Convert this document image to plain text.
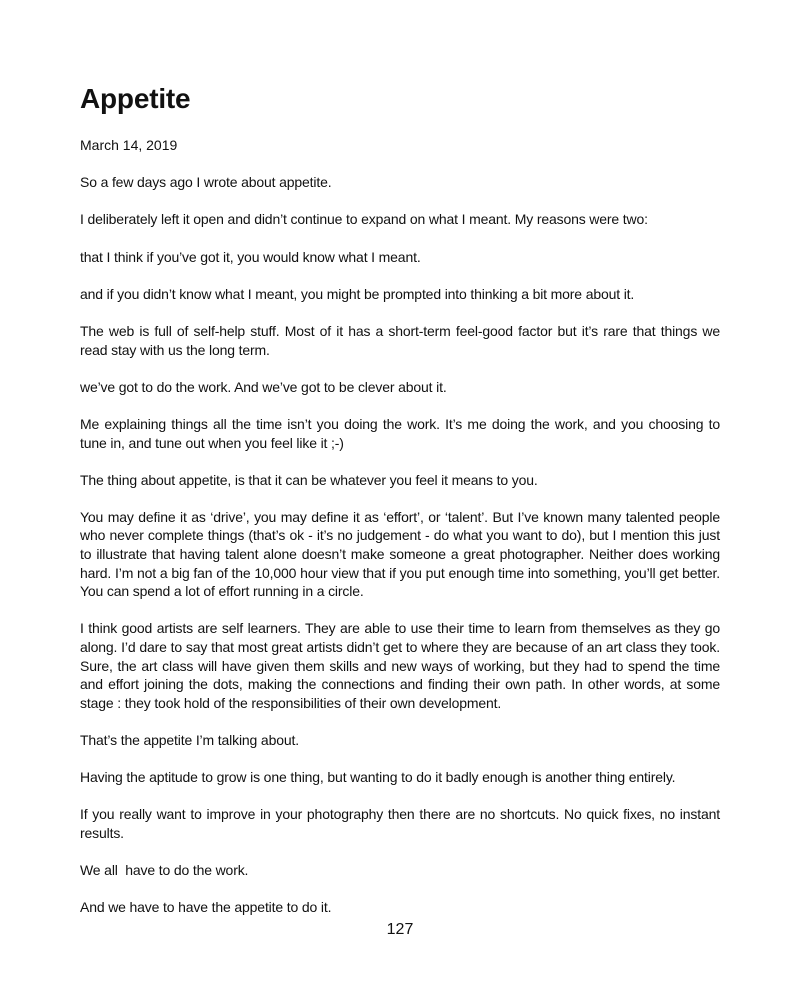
Appetite
March 14, 2019

So a few days ago I wrote about appetite.

I deliberately left it open and didn’t continue to expand on what I meant. My reasons were two:

that I think if you’ve got it, you would know what I meant.

and if you didn’t know what I meant, you might be prompted into thinking a bit more about it.

The web is full of self-help stuff. Most of it has a short-term feel-good factor but it’s rare that things we read stay with us the long term.

we’ve got to do the work. And we’ve got to be clever about it.

Me explaining things all the time isn’t you doing the work. It’s me doing the work, and you choosing to tune in, and tune out when you feel like it ;-)

The thing about appetite, is that it can be whatever you feel it means to you.

You may define it as ‘drive’, you may define it as ‘effort’, or ‘talent’. But I’ve known many talented people who never complete things (that’s ok - it’s no judgement - do what you want to do), but I mention this just to illustrate that having talent alone doesn’t make someone a great photographer. Neither does working hard. I’m not a big fan of the 10,000 hour view that if you put enough time into something, you’ll get better. You can spend a lot of effort running in a circle.

I think good artists are self learners. They are able to use their time to learn from themselves as they go along. I’d dare to say that most great artists didn’t get to where they are because of an art class they took. Sure, the art class will have given them skills and new ways of working, but they had to spend the time and effort joining the dots, making the connections and finding their own path. In other words, at some stage : they took hold of the responsibilities of their own development.

That’s the appetite I’m talking about.

Having the aptitude to grow is one thing, but wanting to do it badly enough is another thing entirely.

If you really want to improve in your photography then there are no shortcuts. No quick fixes, no instant results.

We all  have to do the work.

And we have to have the appetite to do it.

127
